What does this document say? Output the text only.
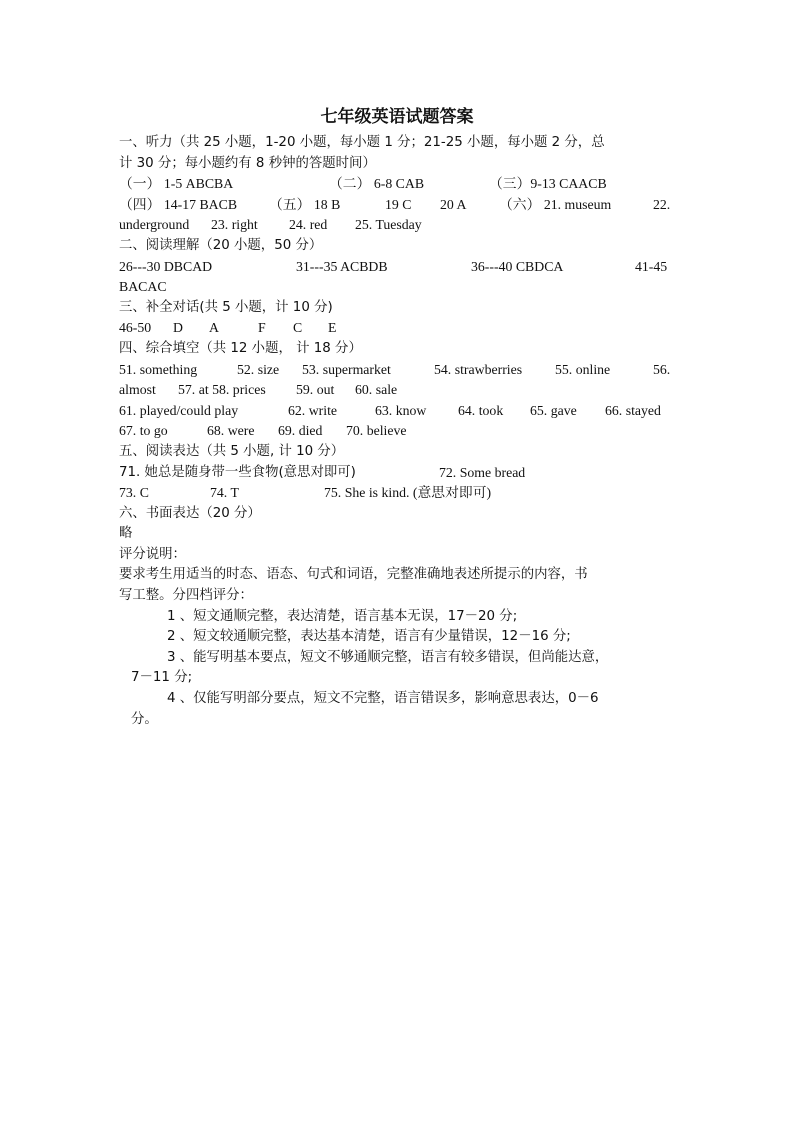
七年级英语试题答案
一、听力（共 25 小题，1-20 小题，每小题 1 分；21-25 小题，每小题 2 分，总
计 30 分；每小题约有 8 秒钟的答题时间）
（一） 1-5 ABCBA	（二） 6-8 CAB	（三）9-13 CAACB
（四） 14-17 BACB （五） 18 B	19 C 20 A （六） 21. museum	22.
underground 23. right 24. red 25. Tuesday
二、阅读理解（20 小题，50 分）
26---30 DBCAD	31---35 ACBDB	36---40 CBDCA	41-45
BACAC
三、补全对话(共 5 小题，计 10 分)
46-50 D A	F C E
四、综合填空（共 12 小题， 计 18 分）
51. something	52. size 53. supermarket	54. strawberries 55. online	56.
almost 57. at 58. prices 59. out 60. sale
61. played/could play	62. write	63. know 64. took 65. gave 66. stayed
67. to go	68. were 69. died 70. believe
五、阅读表达（共 5 小题, 计 10 分）
71. 她总是随身带一些食物(意思对即可)	72. Some bread
73. C	74. T	75. She is kind. (意思对即可)
六、书面表达（20 分）
略
评分说明：
要求考生用适当的时态、语态、句式和词语，完整准确地表述所提示的内容，书
写工整。分四档评分：
1 、短文通顺完整，表达清楚，语言基本无误，17－20 分;
2 、短文较通顺完整，表达基本清楚，语言有少量错误，12－16 分;
3 、能写明基本要点，短文不够通顺完整，语言有较多错误，但尚能达意，
7－11 分;
4 、仅能写明部分要点，短文不完整，语言错误多，影响意思表达，0－6
分。
